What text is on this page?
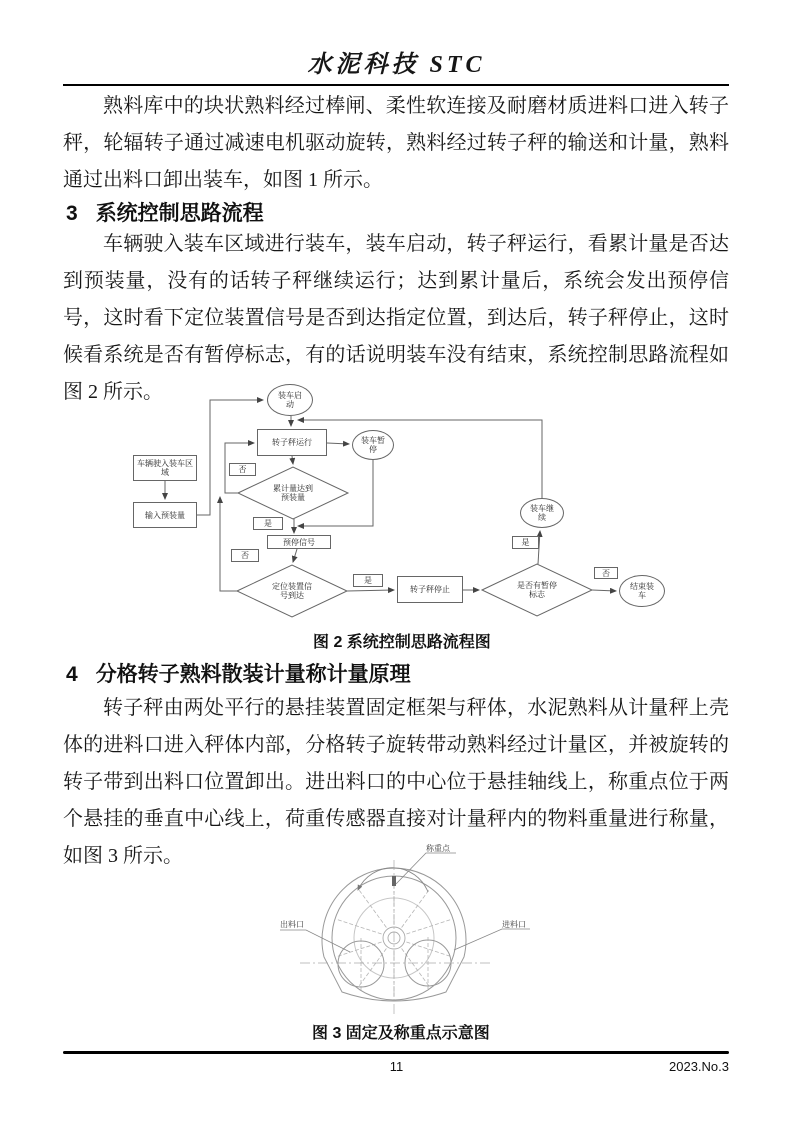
水泥科技 STC
熟料库中的块状熟料经过棒闸、柔性软连接及耐磨材质进料口进入转子秤，轮辐转子通过减速电机驱动旋转，熟料经过转子秤的输送和计量，熟料通过出料口卸出装车，如图 1 所示。
3 系统控制思路流程
车辆驶入装车区域进行装车，装车启动，转子秤运行，看累计量是否达到预装量，没有的话转子秤继续运行；达到累计量后，系统会发出预停信号，这时看下定位装置信号是否到达指定位置，到达后，转子秤停止，这时候看系统是否有暂停标志，有的话说明装车没有结束，系统控制思路流程如图 2 所示。	装车启动
车辆驶入装车区域
输入预装量
转子秤运行	装车暂停
累计量达到预装量
预停信号
定位装置信号到达
转子秤停止	是否有暂停标志
装车继续
结束装车
否
是
否
是
是
否
图 2 系统控制思路流程图
4 分格转子熟料散装计量称计量原理
转子秤由两处平行的悬挂装置固定框架与秤体，水泥熟料从计量秤上壳体的进料口进入秤体内部，分格转子旋转带动熟料经过计量区，并被旋转的转子带到出料口位置卸出。进出料口的中心位于悬挂轴线上，称重点位于两个悬挂的垂直中心线上，荷重传感器直接对计量秤内的物料重量进行称量，如图 3 所示。	称重点
出料口	进料口
图 3 固定及称重点示意图
11	2023.No.3
